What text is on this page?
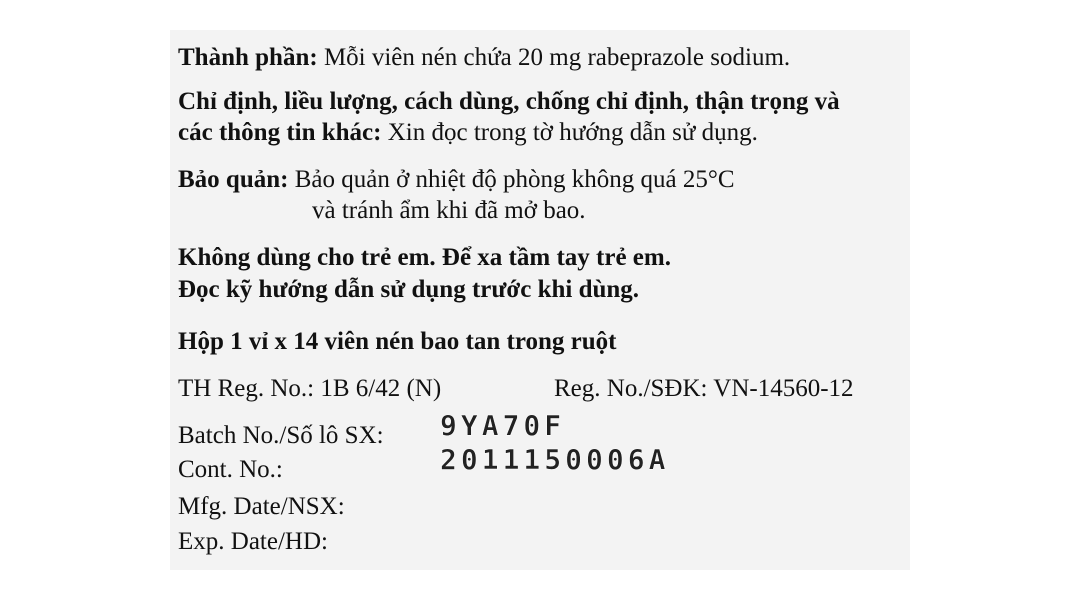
Thành phần: Mỗi viên nén chứa 20 mg rabeprazole sodium.
Chỉ định, liều lượng, cách dùng, chống chỉ định, thận trọng và
các thông tin khác: Xin đọc trong tờ hướng dẫn sử dụng.
Bảo quản: Bảo quản ở nhiệt độ phòng không quá 25°C
và tránh ẩm khi đã mở bao.
Không dùng cho trẻ em. Để xa tầm tay trẻ em.
Đọc kỹ hướng dẫn sử dụng trước khi dùng.
Hộp 1 vỉ x 14 viên nén bao tan trong ruột
TH Reg. No.: 1B 6/42 (N)	Reg. No./SĐK: VN-14560-12
Batch No./Số lô SX: 9YA70F
Cont. No.:	2011150006A
Mfg. Date/NSX:
Exp. Date/HD:
